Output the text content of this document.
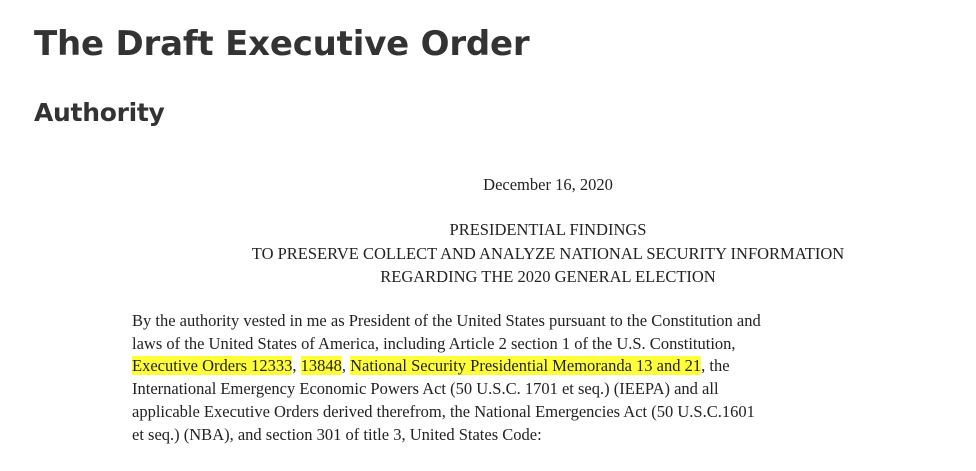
The Draft Executive Order
Authority
December 16, 2020
PRESIDENTIAL FINDINGS
TO PRESERVE COLLECT AND ANALYZE NATIONAL SECURITY INFORMATION
REGARDING THE 2020 GENERAL ELECTION
By the authority vested in me as President of the United States pursuant to the Constitution and
laws of the United States of America, including Article 2 section 1 of the U.S. Constitution,
Executive Orders 12333, 13848, National Security Presidential Memoranda 13 and 21, the
International Emergency Economic Powers Act (50 U.S.C. 1701 et seq.) (IEEPA) and all
applicable Executive Orders derived therefrom, the National Emergencies Act (50 U.S.C.1601
et seq.) (NBA), and section 301 of title 3, United States Code:
